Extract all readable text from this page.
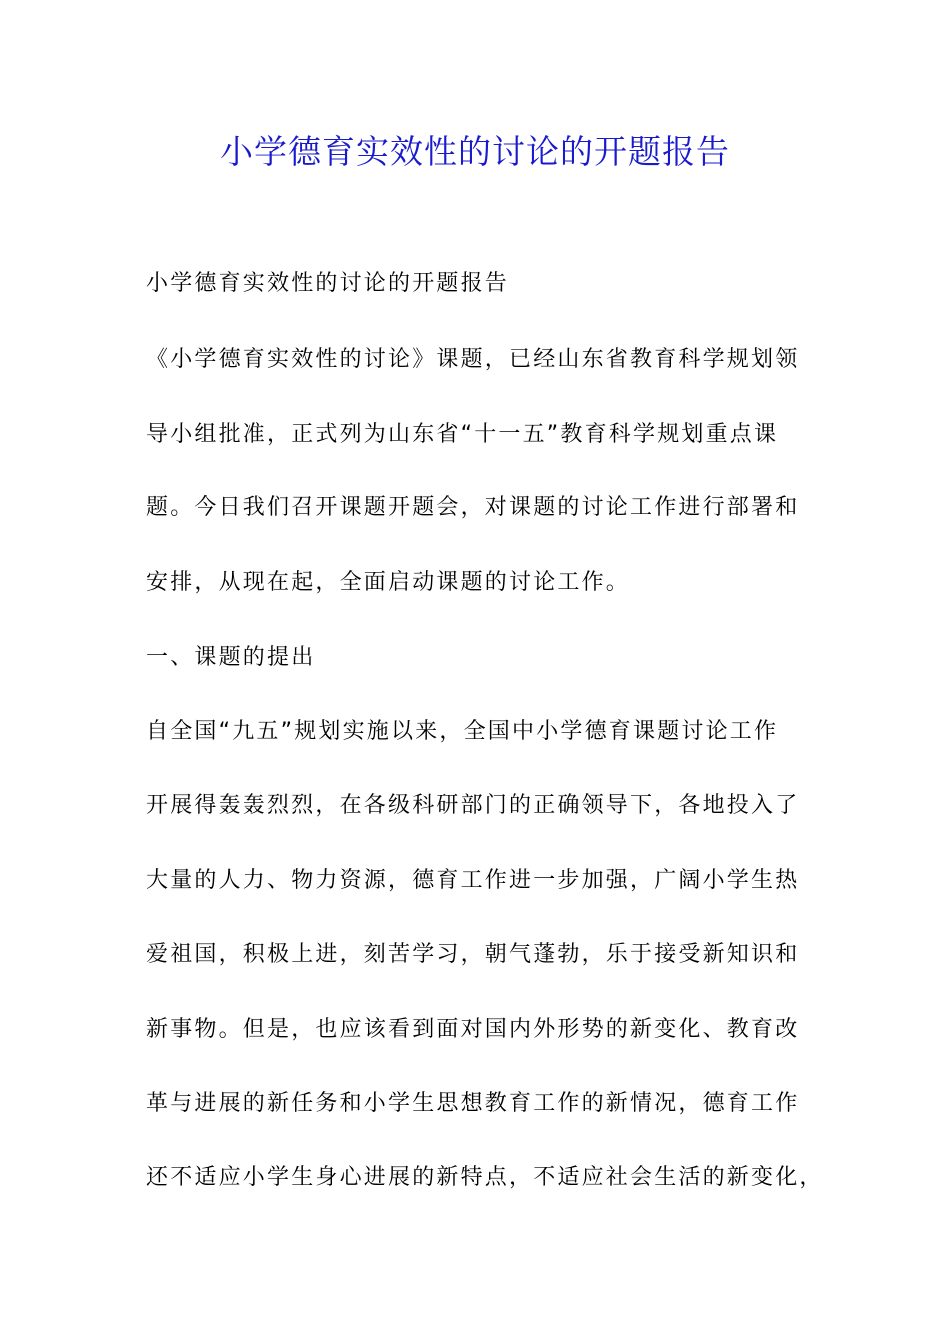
小学德育实效性的讨论的开题报告

小学德育实效性的讨论的开题报告

《小学德育实效性的讨论》课题，已经山东省教育科学规划领

导小组批准，正式列为山东省“十一五”教育科学规划重点课

题。今日我们召开课题开题会，对课题的讨论工作进行部署和

安排，从现在起，全面启动课题的讨论工作。

一、课题的提出

自全国“九五”规划实施以来，全国中小学德育课题讨论工作

开展得轰轰烈烈，在各级科研部门的正确领导下，各地投入了

大量的人力、物力资源，德育工作进一步加强，广阔小学生热

爱祖国，积极上进，刻苦学习，朝气蓬勃，乐于接受新知识和

新事物。但是，也应该看到面对国内外形势的新变化、教育改

革与进展的新任务和小学生思想教育工作的新情况，德育工作

还不适应小学生身心进展的新特点，不适应社会生活的新变化，
